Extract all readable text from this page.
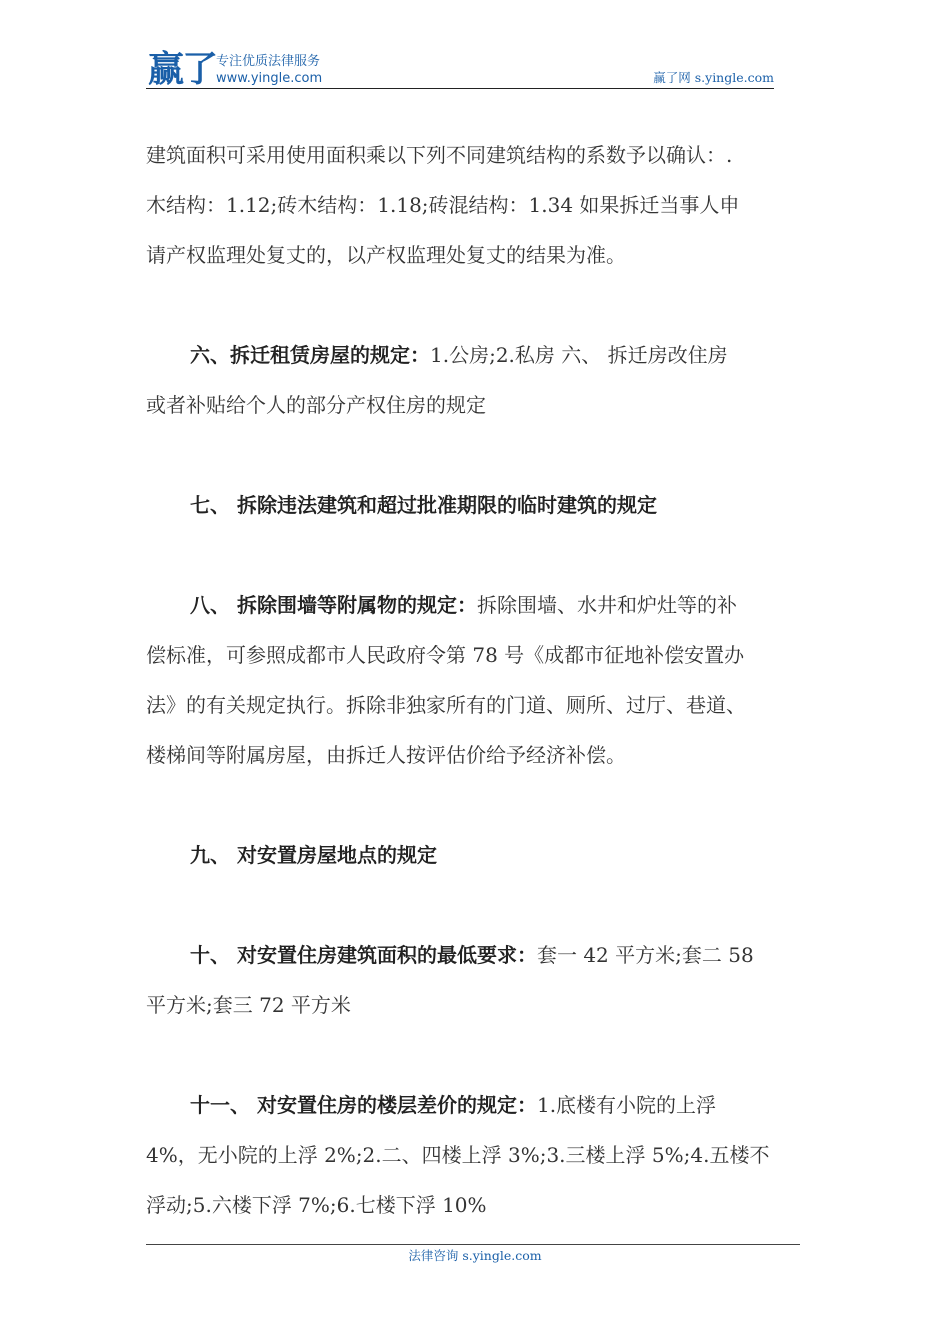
赢了 专注优质法律服务
www.yingle.com	赢了网 s.yingle.com

建筑面积可采用使用面积乘以下列不同建筑结构的系数予以确认：.
木结构：1.12;砖木结构：1.18;砖混结构：1.34 如果拆迁当事人申
请产权监理处复丈的，以产权监理处复丈的结果为准。

六、拆迁租赁房屋的规定：1.公房;2.私房 六、 拆迁房改住房
或者补贴给个人的部分产权住房的规定

七、 拆除违法建筑和超过批准期限的临时建筑的规定

八、 拆除围墙等附属物的规定：拆除围墙、水井和炉灶等的补
偿标准，可参照成都市人民政府令第 78 号《成都市征地补偿安置办
法》的有关规定执行。拆除非独家所有的门道、厕所、过厅、巷道、
楼梯间等附属房屋，由拆迁人按评估价给予经济补偿。

九、 对安置房屋地点的规定

十、 对安置住房建筑面积的最低要求：套一 42 平方米;套二 58
平方米;套三 72 平方米

十一、 对安置住房的楼层差价的规定：1.底楼有小院的上浮
4%，无小院的上浮 2%;2.二、四楼上浮 3%;3.三楼上浮 5%;4.五楼不
浮动;5.六楼下浮 7%;6.七楼下浮 10%

法律咨询 s.yingle.com
